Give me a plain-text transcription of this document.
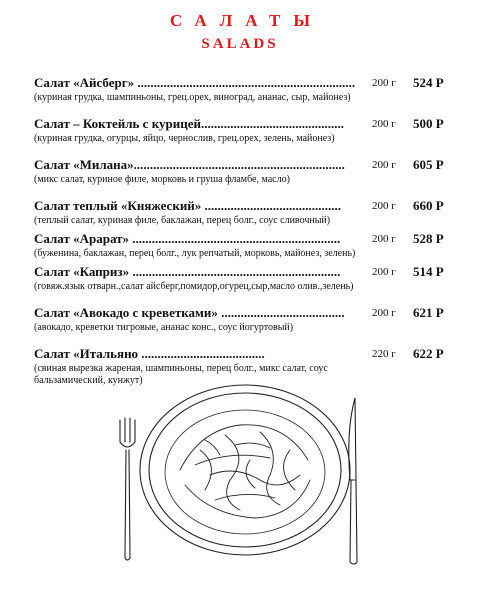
САЛАТЫ
SALADS
Салат «Айсберг» ................................................................... 200 г 524 Р
(куриная грудка, шампиньоны, грец.орех, виноград, ананас, сыр, майонез)
Салат – Коктейль с курицей............................................	200 г 500 Р
(куриная грудка, огурцы, яйцо, чернослив, грец.орех, зелень, майонез)
Салат «Милана».................................................................	200 г 605 Р
(микс салат, куриное филе, морковь и груша фламбе, масло)
Салат теплый «Княжеский» ..........................................	200 г 660 Р
(теплый салат, куриная филе, баклажан, перец болг., соус сливочный)
Салат «Арарат» ................................................................	200 г 528 Р
(буженина, баклажан, перец болг., лук репчатый, морковь, майонез, зелень)
Салат «Каприз» ................................................................	200 г 514 Р
(говяж.язык отварн.,салат айсберг,помидор,огурец,сыр,масло олив.,зелень)
Салат «Авокадо с креветками» ......................................	200 г 621 Р
(авокадо, креветки тигровые, ананас конс., соус йогуртовый)
Салат «Итальяно ......................................	220 г 622 Р
(свиная вырезка жареная, шампиньоны, перец болг., микс салат, соус бальзамический, кунжут)
